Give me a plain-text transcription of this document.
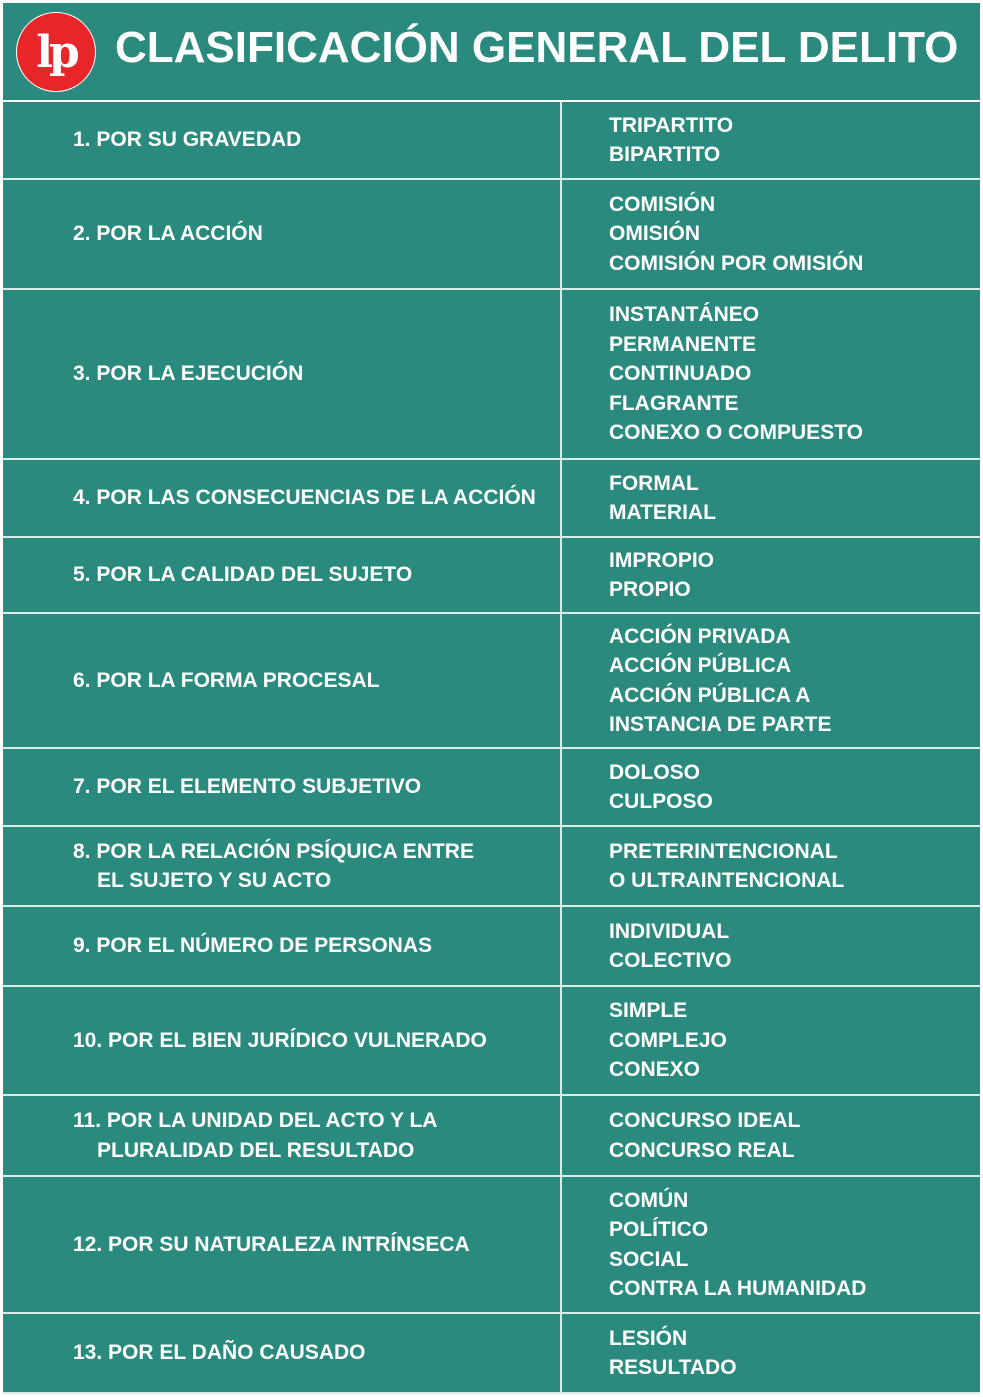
lp CLASIFICACIÓN GENERAL DEL DELITO
1. POR SU GRAVEDAD
TRIPARTITO
BIPARTITO
2. POR LA ACCIÓN
COMISIÓN
OMISIÓN
COMISIÓN POR OMISIÓN
3. POR LA EJECUCIÓN
INSTANTÁNEO
PERMANENTE
CONTINUADO
FLAGRANTE
CONEXO O COMPUESTO
4. POR LAS CONSECUENCIAS DE LA ACCIÓN
FORMAL
MATERIAL
5. POR LA CALIDAD DEL SUJETO
IMPROPIO
PROPIO
6. POR LA FORMA PROCESAL
ACCIÓN PRIVADA
ACCIÓN PÚBLICA
ACCIÓN PÚBLICA A
INSTANCIA DE PARTE
7. POR EL ELEMENTO SUBJETIVO
DOLOSO
CULPOSO
8. POR LA RELACIÓN PSÍQUICA ENTRE
EL SUJETO Y SU ACTO
PRETERINTENCIONAL
O ULTRAINTENCIONAL
9. POR EL NÚMERO DE PERSONAS
INDIVIDUAL
COLECTIVO
10. POR EL BIEN JURÍDICO VULNERADO
SIMPLE
COMPLEJO
CONEXO
11. POR LA UNIDAD DEL ACTO Y LA
PLURALIDAD DEL RESULTADO
CONCURSO IDEAL
CONCURSO REAL
12. POR SU NATURALEZA INTRÍNSECA
COMÚN
POLÍTICO
SOCIAL
CONTRA LA HUMANIDAD
13. POR EL DAÑO CAUSADO
LESIÓN
RESULTADO
